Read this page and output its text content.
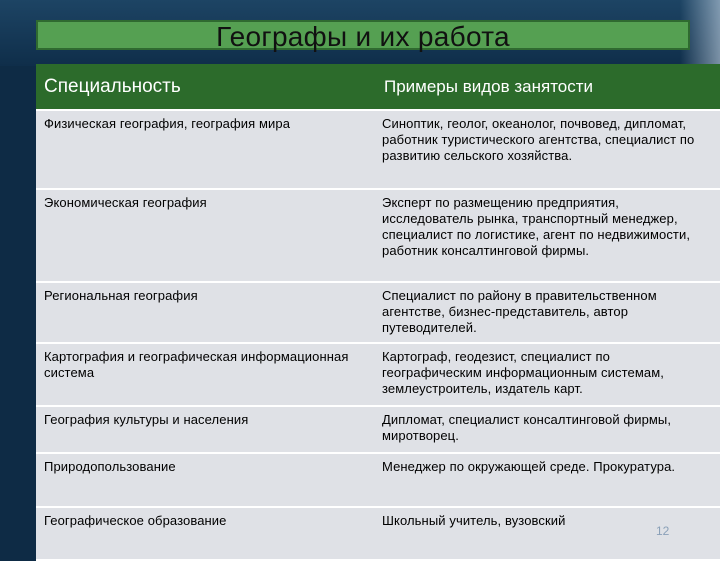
Географы и их работа
Специальность	Примеры видов занятости
Физическая география, география мира	Синоптик, геолог, океанолог, почвовед, дипломат, работник туристического агентства, специалист по развитию сельского хозяйства.
Экономическая география	Эксперт по размещению предприятия, исследователь рынка, транспортный менеджер, специалист по логистике, агент по недвижимости, работник консалтинговой фирмы.
Региональная география	Специалист по району в правительственном агентстве, бизнес-представитель, автор путеводителей.
Картография и географическая информационная система	Картограф, геодезист, специалист по географическим информационным системам, землеустроитель, издатель карт.
География культуры и населения	Дипломат, специалист консалтинговой фирмы, миротворец.
Природопользование	Менеджер по окружающей среде. Прокуратура.
Географическое образование	Школьный учитель, вузовский
12
